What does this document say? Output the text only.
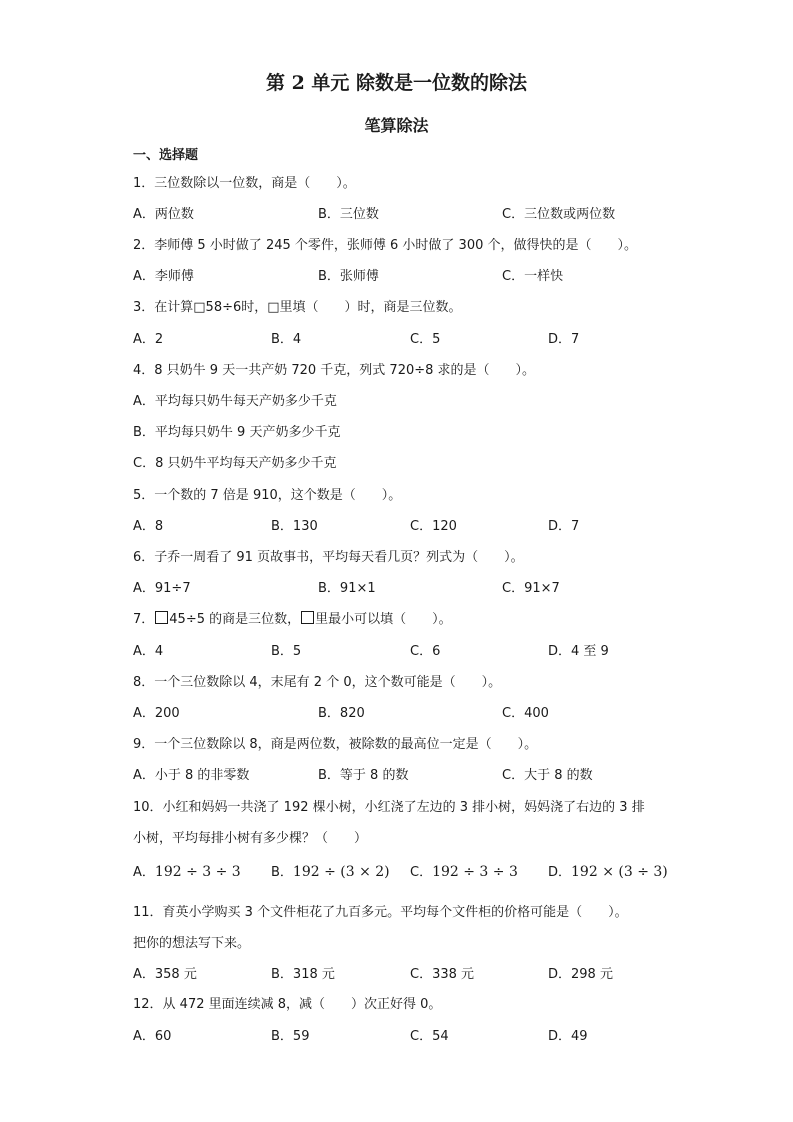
第 2 单元 除数是一位数的除法
笔算除法
一、选择题
1．三位数除以一位数，商是（　　）。
A．两位数	B．三位数	C．三位数或两位数
2．李师傅 5 小时做了 245 个零件，张师傅 6 小时做了 300 个，做得快的是（　　）。
A．李师傅	B．张师傅	C．一样快
3．在计算□58÷6时，□里填（　　）时，商是三位数。
A．2	B．4	C．5	D．7
4．8 只奶牛 9 天一共产奶 720 千克，列式 720÷8 求的是（　　）。
A．平均每只奶牛每天产奶多少千克
B．平均每只奶牛 9 天产奶多少千克
C．8 只奶牛平均每天产奶多少千克
5．一个数的 7 倍是 910，这个数是（　　）。
A．8	B．130	C．120	D．7
6．子乔一周看了 91 页故事书，平均每天看几页？列式为（　　）。
A．91÷7	B．91×1	C．91×7
7． 45÷5 的商是三位数， 里最小可以填（　　）。
A．4	B．5	C．6	D．4 至 9
8．一个三位数除以 4，末尾有 2 个 0，这个数可能是（　　）。
A．200	B．820	C．400
9．一个三位数除以 8，商是两位数，被除数的最高位一定是（　　）。
A．小于 8 的非零数	B．等于 8 的数	C．大于 8 的数
10．小红和妈妈一共浇了 192 棵小树，小红浇了左边的 3 排小树，妈妈浇了右边的 3 排
小树，平均每排小树有多少棵？（　　）
A．192 ÷ 3 ÷ 3 B．192 ÷ (3 × 2) C．192 ÷ 3 ÷ 3 D．192 × (3 ÷ 3)
11．育英小学购买 3 个文件柜花了九百多元。平均每个文件柜的价格可能是（　　）。
把你的想法写下来。
A．358 元	B．318 元	C．338 元	D．298 元
12．从 472 里面连续减 8，减（　　）次正好得 0。
A．60	B．59	C．54	D．49
